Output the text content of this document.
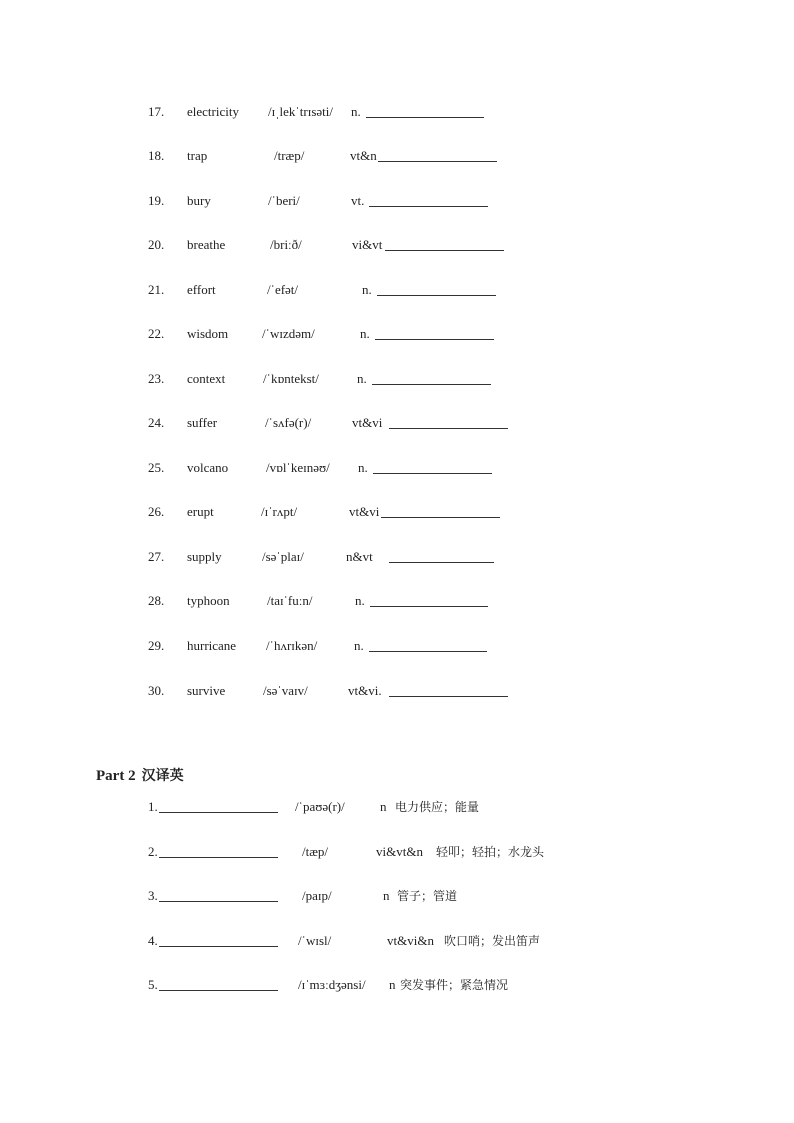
17. electricity /ɪˌlekˈtrɪsəti/ n.
18. trap	/træp/	vt&n
19. bury	/ˈberi/	vt.
20. breathe	/briːð/	vi&vt
21. effort	/ˈefət/	n.
22. wisdom	/ˈwɪzdəm/	n.
23. context	/ˈkɒntekst/	n.
24. suffer	/ˈsʌfə(r)/	vt&vi
25. volcano	/vɒlˈkeɪnəʊ/ n.
26. erupt	/ɪˈrʌpt/	vt&vi
27. supply	/səˈplaɪ/	n&vt
28. typhoon	/taɪˈfuːn/	n.
29. hurricane /ˈhʌrɪkən/	n.
30. survive	/səˈvaɪv/	vt&vi.
Part 2 汉译英
1.	/ˈpaʊə(r)/	n 电力供应；能量
2.	/tæp/	vi&vt&n 轻叩；轻拍；水龙头
3.	/paɪp/	n 管子；管道
4.	/ˈwɪsl/	vt&vi&n 吹口哨；发出笛声
5.	/ɪˈmɜːdʒənsi/ n 突发事件；紧急情况
